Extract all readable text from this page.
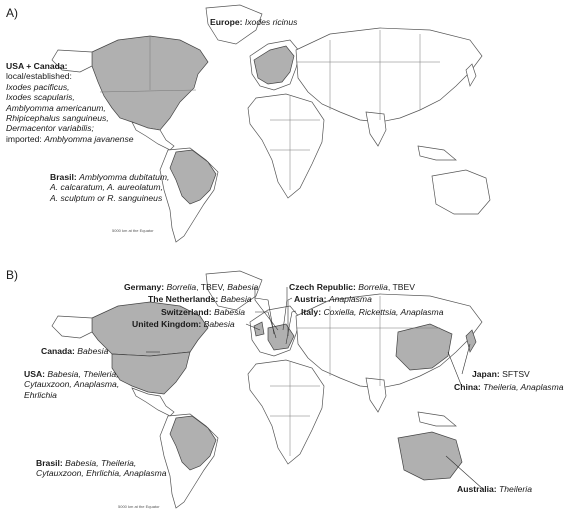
A)
Europe: Ixodes ricinus
USA + Canada:
local/established:
Ixodes pacificus,
Ixodes scapularis,
Amblyomma americanum,
Rhipicephalus sanguineus,
Dermacentor variabilis;
imported: Amblyomma javanense
Brasil: Amblyomma dubitatum,
A. calcaratum, A. aureolatum,
A. sculptum or R. sanguineus
5000 km at the Equator
B)
Germany: Borrelia, TBEV, Babesia	Czech Republic: Borrelia, TBEV
The Netherlands: Babesia	Austria: Anaplasma
Switzerland: Babesia	Italy: Coxiella, Rickettsia, Anaplasma
United Kingdom: Babesia
Canada: Babesia
USA: Babesia, Theileria,
Cytauxzoon, Anaplasma,
Ehrlichia
Japan: SFTSV
China: Theileria, Anaplasma
Brasil: Babesia, Theileria,
Cytauxzoon, Ehrlichia, Anaplasma
Australia: Theileria
5000 km at the Equator
